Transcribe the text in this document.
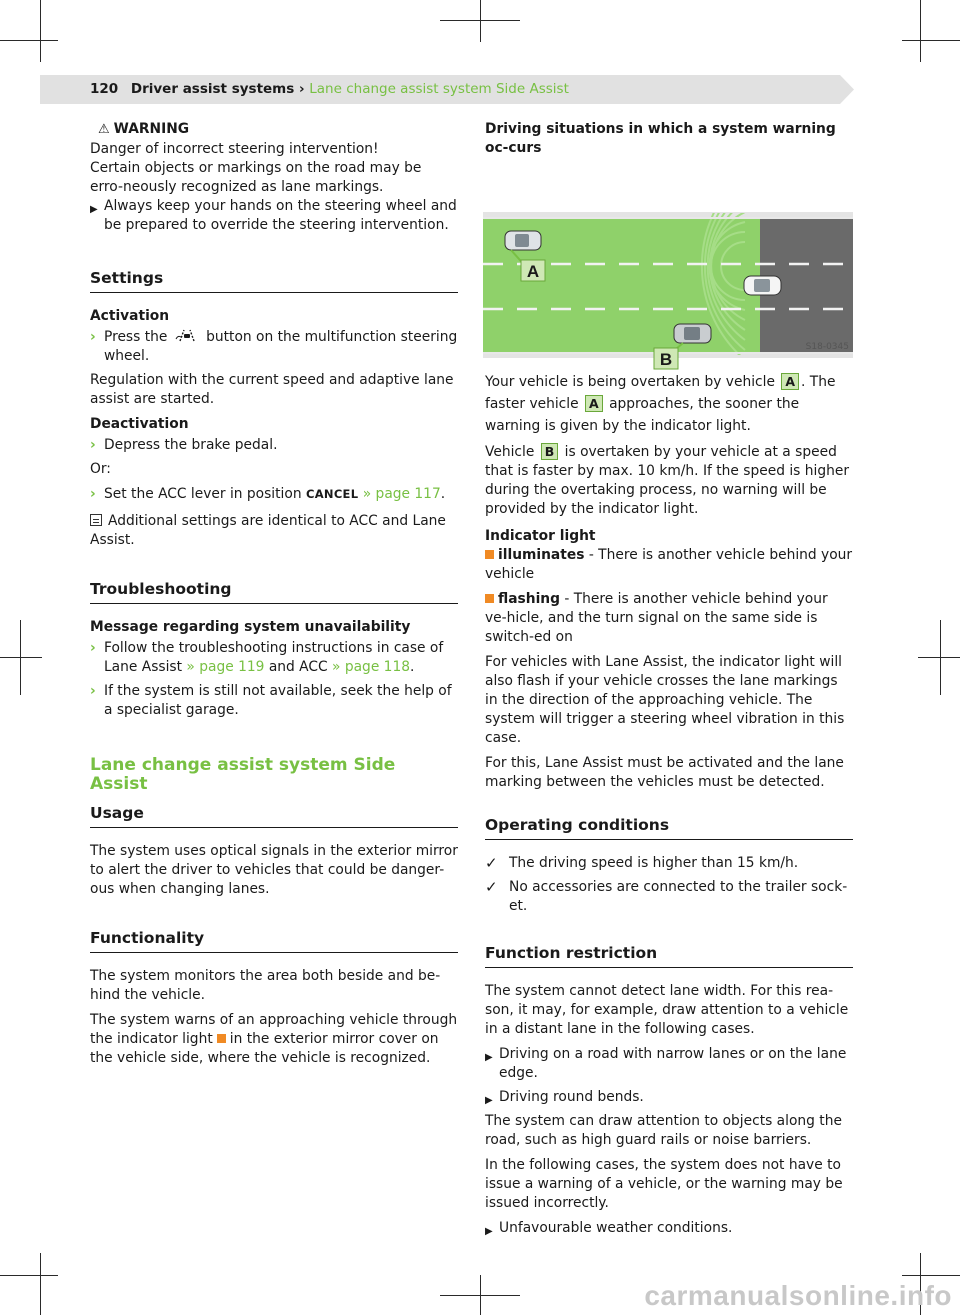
120 Driver assist systems › Lane change assist system Side Assist
⚠ WARNING
Danger of incorrect steering intervention!
Certain objects or markings on the road may be erro-neously recognized as lane markings.
▶ Always keep your hands on the steering wheel and be prepared to override the steering intervention.
Settings
Activation
› Press the	button on the multifunction steering wheel.

Regulation with the current speed and adaptive lane assist are started.

Deactivation
› Depress the brake pedal.

Or:

› Set the ACC lever in position CANCEL » page 117.

Additional settings are identical to ACC and Lane Assist.

Troubleshooting
Message regarding system unavailability
› Follow the troubleshooting instructions in case of Lane Assist » page 119 and ACC » page 118.
› If the system is still not available, seek the help of a specialist garage.
Lane change assist system Side Assist
Usage

The system uses optical signals in the exterior mirror to alert the driver to vehicles that could be danger-ous when changing lanes.

Functionality

The system monitors the area both beside and be-hind the vehicle.

The system warns of an approaching vehicle through the indicator light in the exterior mirror cover on the vehicle side, where the vehicle is recognized.

Driving situations in which a system warning oc-curs
A
B
S18-0345

Your vehicle is being overtaken by vehicle A . The faster vehicle A approaches, the sooner the warning is given by the indicator light.

Vehicle B is overtaken by your vehicle at a speed that is faster by max. 10 km/h. If the speed is higher during the overtaking process, no warning will be provided by the indicator light.

Indicator light

illuminates - There is another vehicle behind your vehicle

flashing - There is another vehicle behind your ve-hicle, and the turn signal on the same side is switch-ed on

For vehicles with Lane Assist, the indicator light will also flash if your vehicle crosses the lane markings in the direction of the approaching vehicle. The system will trigger a steering wheel vibration in this case.

For this, Lane Assist must be activated and the lane marking between the vehicles must be detected.

Operating conditions
✓ The driving speed is higher than 15 km/h.
✓ No accessories are connected to the trailer sock-et.
Function restriction

The system cannot detect lane width. For this rea-son, it may, for example, draw attention to a vehicle in a distant lane in the following cases.

▶ Driving on a road with narrow lanes or on the lane edge.
▶ Driving round bends.

The system can draw attention to objects along the road, such as high guard rails or noise barriers.

In the following cases, the system does not have to issue a warning of a vehicle, or the warning may be issued incorrectly.

▶ Unfavourable weather conditions.
carmanualsonline.info
